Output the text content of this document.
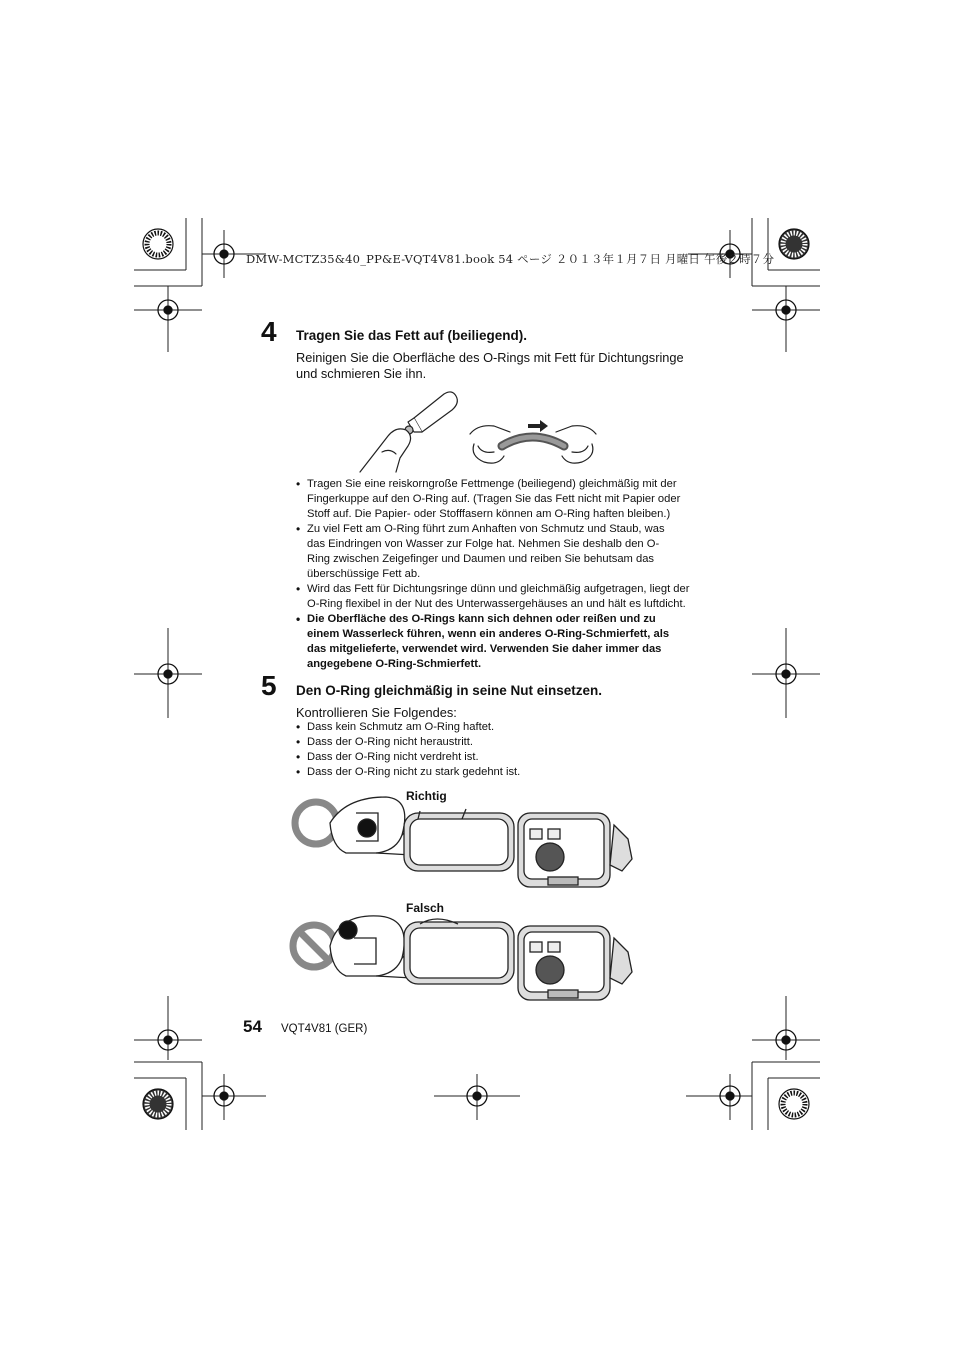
DMW-MCTZ35&40_PP&E-VQT4V81.book 54 ページ ２０１３年１月７日 月曜日 午後２時７分
4 Tragen Sie das Fett auf (beiliegend).
Reinigen Sie die Oberfläche des O-Rings mit Fett für Dichtungsringe
und schmieren Sie ihn.
• Tragen Sie eine reiskorngroße Fettmenge (beiliegend) gleichmäßig mit der
Fingerkuppe auf den O-Ring auf. (Tragen Sie das Fett nicht mit Papier oder
Stoff auf. Die Papier- oder Stofffasern können am O-Ring haften bleiben.)
• Zu viel Fett am O-Ring führt zum Anhaften von Schmutz und Staub, was
das Eindringen von Wasser zur Folge hat. Nehmen Sie deshalb den O-
Ring zwischen Zeigefinger und Daumen und reiben Sie behutsam das
überschüssige Fett ab.
• Wird das Fett für Dichtungsringe dünn und gleichmäßig aufgetragen, liegt der
O-Ring flexibel in der Nut des Unterwassergehäuses an und hält es luftdicht.
• Die Oberfläche des O-Rings kann sich dehnen oder reißen und zu
einem Wasserleck führen, wenn ein anderes O-Ring-Schmierfett, als
das mitgelieferte, verwendet wird. Verwenden Sie daher immer das
angegebene O-Ring-Schmierfett.
5 Den O-Ring gleichmäßig in seine Nut einsetzen.
Kontrollieren Sie Folgendes:
• Dass kein Schmutz am O-Ring haftet.
• Dass der O-Ring nicht heraustritt.
• Dass der O-Ring nicht verdreht ist.
• Dass der O-Ring nicht zu stark gedehnt ist.
Richtig
Falsch
54 VQT4V81 (GER)
